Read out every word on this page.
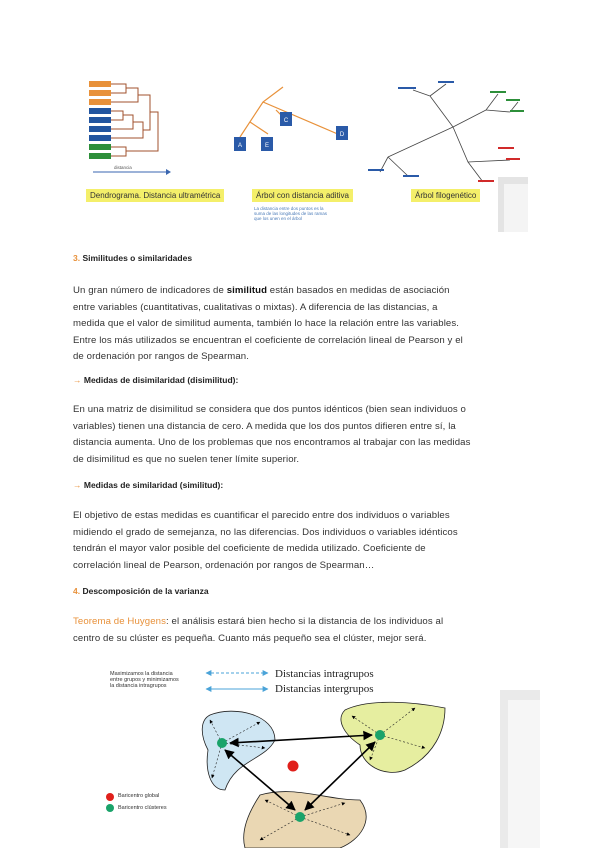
distancia
A	E
C
D
Dendrograma. Distancia ultramétrica	Árbol con distancia aditiva
La distancia entre dos puntos es la
suma de las longitudes de las ramas
que los unen en el árbol
Árbol filogenético
3. Similitudes o similaridades
Un gran número de indicadores de similitud están basados en medidas de asociación
entre variables (cuantitativas, cualitativas o mixtas). A diferencia de las distancias, a
medida que el valor de similitud aumenta, también lo hace la relación entre las variables.
Entre los más utilizados se encuentran el coeficiente de correlación lineal de Pearson y el
de ordenación por rangos de Spearman.
→ Medidas de disimilaridad (disimilitud):
En una matriz de disimilitud se considera que dos puntos idénticos (bien sean individuos o
variables) tienen una distancia de cero. A medida que los dos puntos difieren entre sí, la
distancia aumenta. Uno de los problemas que nos encontramos al trabajar con las medidas
de disimilitud es que no suelen tener límite superior.
→ Medidas de similaridad (similitud):
El objetivo de estas medidas es cuantificar el parecido entre dos individuos o variables
midiendo el grado de semejanza, no las diferencias. Dos individuos o variables idénticos
tendrán el mayor valor posible del coeficiente de medida utilizado. Coeficiente de
correlación lineal de Pearson, ordenación por rangos de Spearman…
4. Descomposición de la varianza
Teorema de Huygens: el análisis estará bien hecho si la distancia de los individuos al
centro de su clúster es pequeña. Cuanto más pequeño sea el clúster, mejor será.
Maximizamos la distancia
entre grupos y minimizamos
la distancia intragrupos
Distancias intragrupos
Distancias intergrupos
Baricentro global
Baricentro clústeres
